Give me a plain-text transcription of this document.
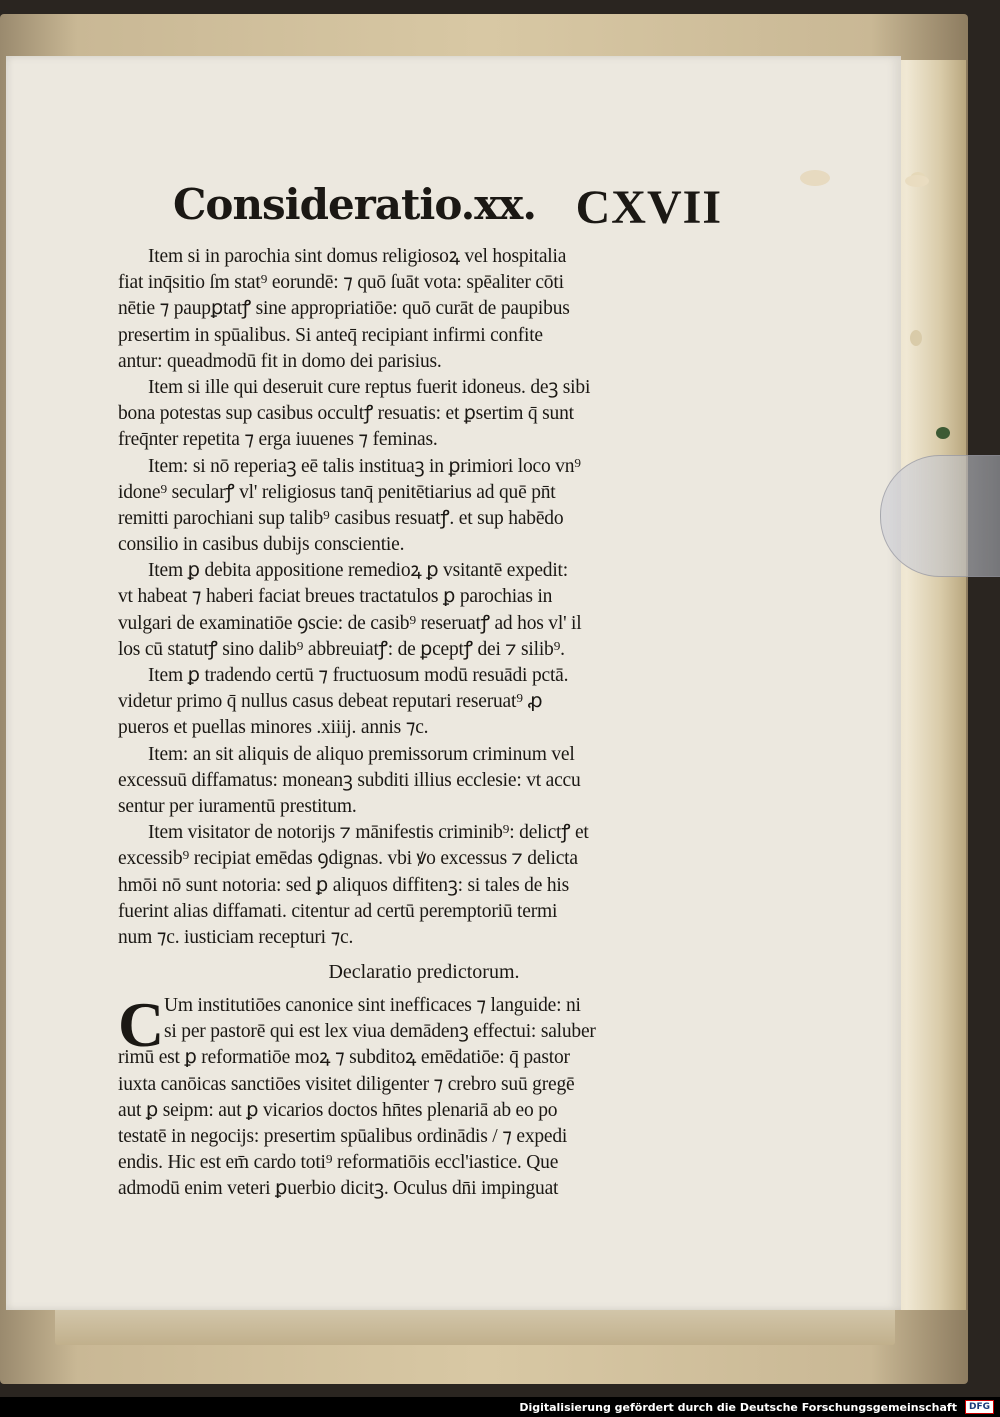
Consideratio.xx. CXVII
Item si in parochia sint domus religiosoꝝ vel hospitalia
fiat inq̄sitio ſm stat⁹ eorundē: ⁊ quō ſuāt vota: spēaliter cōti
nētie ⁊ paupꝑtatꝭ sine appropriatiōe: quō curāt de paupibus
presertim in spūalibus. Si anteq̄ recipiant infirmi confite
antur: queadmodū fit in domo dei parisius.
Item si ille qui deseruit cure reptus fuerit idoneus. deꝫ sibi
bona potestas sup casibus occultꝭ resuatis: et ꝑsertim q̄ sunt
freq̄nter repetita ⁊ erga iuuenes ⁊ feminas.
Item: si nō reperiaꝫ eē talis instituaꝫ in ꝑrimiori loco vn⁹
idone⁹ secularꝭ vl' religiosus tanq̄ penitētiarius ad quē pn̄t
remitti parochiani sup talib⁹ casibus resuatꝭ. et sup habēdo
consilio in casibus dubijs conscientie.
Item ꝑ debita appositione remedioꝝ ꝑ vsitantē expedit:
vt habeat ⁊ haberi faciat breues tractatulos ꝑ parochias in
vulgari de examinatiōe ꝯscie: de casib⁹ reseruatꝭ ad hos vl' il
los cū statutꝭ sino dalib⁹ abbreuiatꝭ: de ꝑceptꝭ dei ⁊ silib⁹.
Item ꝑ tradendo certū ⁊ fructuosum modū resuādi pctā.
videtur primo q̄ nullus casus debeat reputari reseruat⁹ ꝓ
pueros et puellas minores .xiiij. annis ⁊c.
Item: an sit aliquis de aliquo premissorum criminum vel
excessuū diffamatus: moneanꝫ subditi illius ecclesie: vt accu
sentur per iuramentū prestitum.
Item visitator de notorijs ⁊ mānifestis criminib⁹: delictꝭ et
excessib⁹ recipiat emēdas ꝯdignas. vbi ꝟo excessus ⁊ delicta
hmōi nō sunt notoria: sed ꝑ aliquos diffitenꝫ: si tales de his
fuerint alias diffamati. citentur ad certū peremptoriū termi
num ⁊c. iusticiam recepturi ⁊c.
Declaratio predictorum.
C Um institutiōes canonice sint inefficaces ⁊ languide: ni
si per pastorē qui est lex viua demādenꝫ effectui: saluber
rimū est ꝑ reformatiōe moꝝ ⁊ subditoꝝ emēdatiōe: q̄ pastor
iuxta canōicas sanctiōes visitet diligenter ⁊ crebro suū gregē
aut ꝑ seipm: aut ꝑ vicarios doctos hn̄tes plenariā ab eo po
testatē in negocijs: presertim spūalibus ordinādis / ⁊ expedi
endis. Hic est em̄ cardo toti⁹ reformatiōis eccl'iastice. Que
admodū enim veteri ꝑuerbio dicitꝫ. Oculus dn̄i impinguat
Digitalisierung gefördert durch die Deutsche Forschungsgemeinschaft	DFG
